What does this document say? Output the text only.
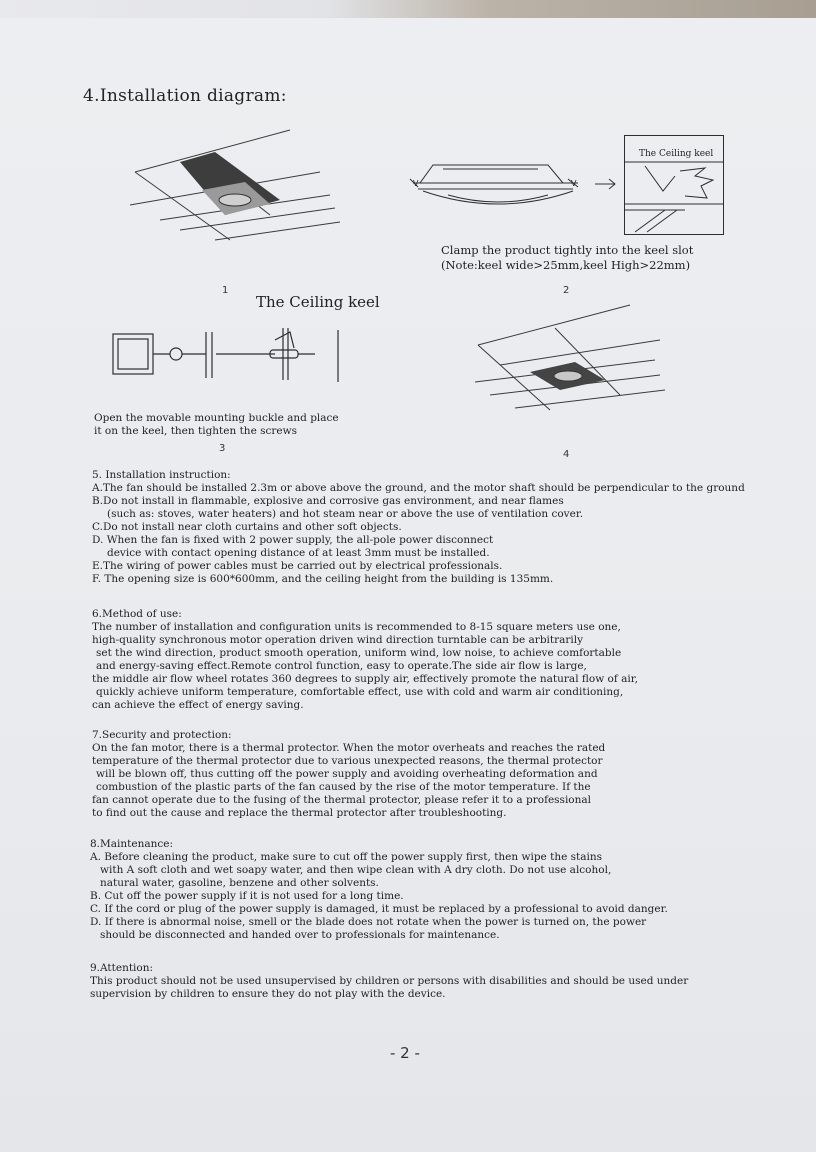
4.Installation diagram:
V	V
The Ceiling keel
Clamp the product tightly into the keel slot
(Note:keel wide>25mm,keel High>22mm)
1	2
The Ceiling keel
Open the movable mounting buckle and place
it on the keel, then tighten the screws
3
4
5. Installation instruction:
A.The fan should be installed 2.3m or above above the ground, and the motor shaft should be perpendicular to the ground
B.Do not install in flammable, explosive and corrosive gas environment, and near flames
(such as: stoves, water heaters) and hot steam near or above the use of ventilation cover.
C.Do not install near cloth curtains and other soft objects.
D. When the fan is fixed with 2 power supply, the all-pole power disconnect
device with contact opening distance of at least 3mm must be installed.
E.The wiring of power cables must be carried out by electrical professionals.
F. The opening size is 600*600mm, and the ceiling height from the building is 135mm.
6.Method of use:
The number of installation and configuration units is recommended to 8-15 square meters use one,
high-quality synchronous motor operation driven wind direction turntable can be arbitrarily
set the wind direction, product smooth operation, uniform wind, low noise, to achieve comfortable
and energy-saving effect.Remote control function, easy to operate.The side air flow is large,
the middle air flow wheel rotates 360 degrees to supply air, effectively promote the natural flow of air,
quickly achieve uniform temperature, comfortable effect, use with cold and warm air conditioning,
can achieve the effect of energy saving.
7.Security and protection:
On the fan motor, there is a thermal protector. When the motor overheats and reaches the rated
temperature of the thermal protector due to various unexpected reasons, the thermal protector
will be blown off, thus cutting off the power supply and avoiding overheating deformation and
combustion of the plastic parts of the fan caused by the rise of the motor temperature. If the
fan cannot operate due to the fusing of the thermal protector, please refer it to a professional
to find out the cause and replace the thermal protector after troubleshooting.
8.Maintenance:
A. Before cleaning the product, make sure to cut off the power supply first, then wipe the stains
with A soft cloth and wet soapy water, and then wipe clean with A dry cloth. Do not use alcohol,
natural water, gasoline, benzene and other solvents.
B. Cut off the power supply if it is not used for a long time.
C. If the cord or plug of the power supply is damaged, it must be replaced by a professional to avoid danger.
D. If there is abnormal noise, smell or the blade does not rotate when the power is turned on, the power
should be disconnected and handed over to professionals for maintenance.
9.Attention:
This product should not be used unsupervised by children or persons with disabilities and should be used under
supervision by children to ensure they do not play with the device.
- 2 -
